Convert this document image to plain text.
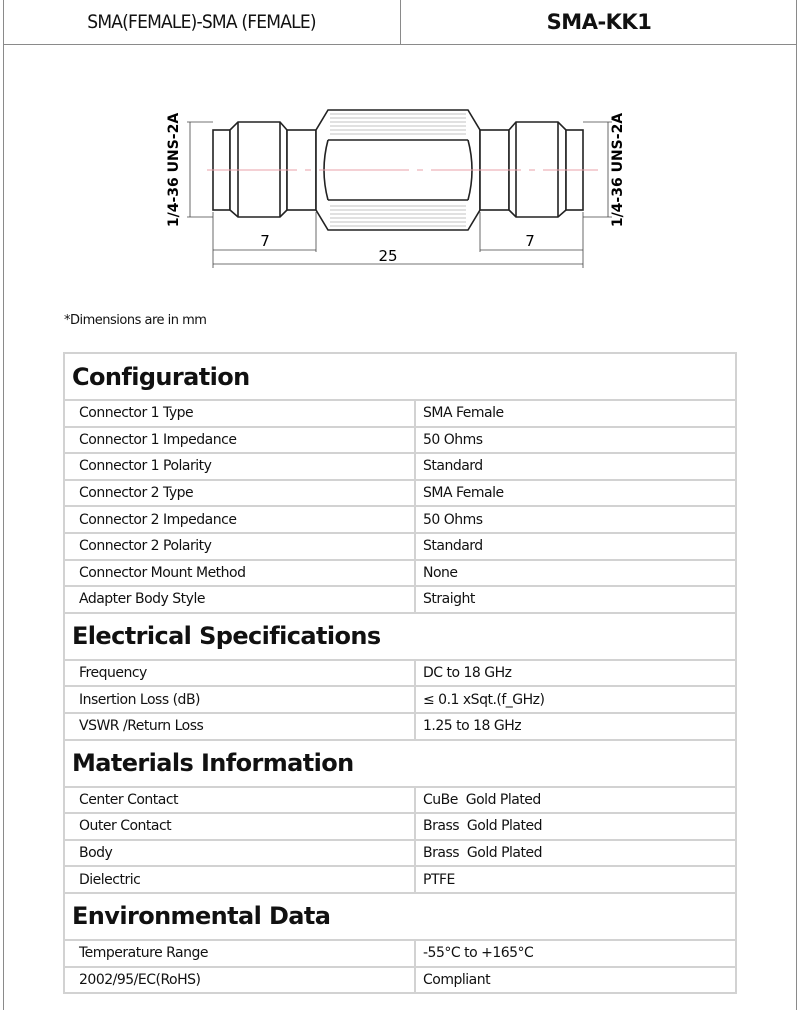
SMA(FEMALE)-SMA (FEMALE)	SMA-KK1
1/4-36 UNS-2A	1/4-36 UNS-2A
7	7
25
*Dimensions are in mm
Configuration
Connector 1 Type	SMA Female
Connector 1 Impedance	50 Ohms
Connector 1 Polarity	Standard
Connector 2 Type	SMA Female
Connector 2 Impedance	50 Ohms
Connector 2 Polarity	Standard
Connector Mount Method	None
Adapter Body Style	Straight
Electrical Specifications
Frequency	DC to 18 GHz
Insertion Loss (dB)	≤ 0.1 xSqt.(f_GHz)
VSWR /Return Loss	1.25 to 18 GHz
Materials Information
Center Contact	CuBe  Gold Plated
Outer Contact	Brass  Gold Plated
Body	Brass  Gold Plated
Dielectric	PTFE
Environmental Data
Temperature Range	-55°C to +165°C
2002/95/EC(RoHS)	Compliant
